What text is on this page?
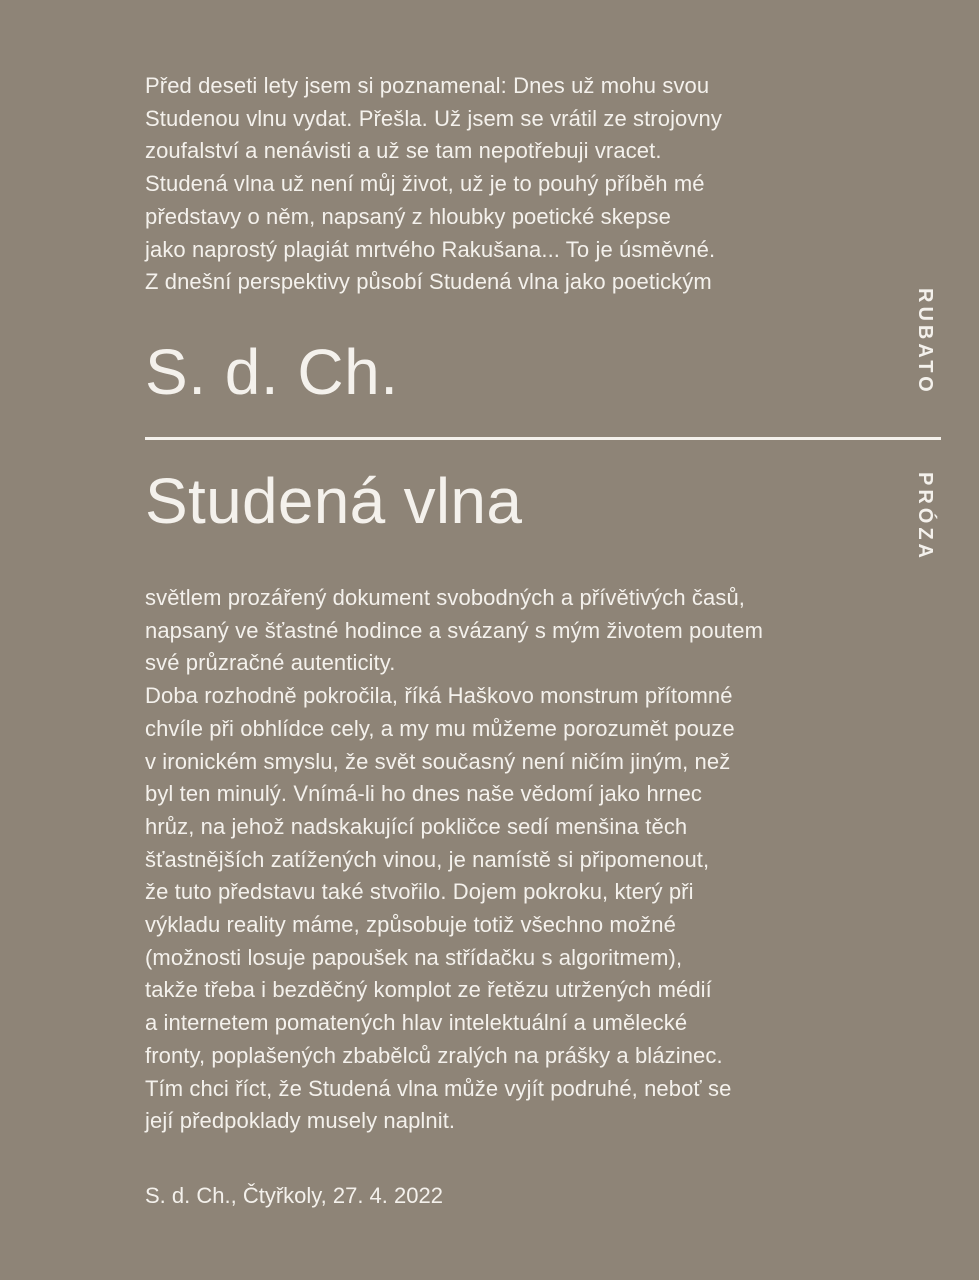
Před deseti lety jsem si poznamenal: Dnes už mohu svou
Studenou vlnu vydat. Přešla. Už jsem se vrátil ze strojovny
zoufalství a nenávisti a už se tam nepotřebuji vracet.
Studená vlna už není můj život, už je to pouhý příběh mé
představy o něm, napsaný z hloubky poetické skepse
jako naprostý plagiát mrtvého Rakušana... To je úsměvné.
Z dnešní perspektivy působí Studená vlna jako poetickým

S. d. Ch.
Studená vlna
RUBATO
PRÓZA

světlem prozářený dokument svobodných a přívětivých časů,
napsaný ve šťastné hodince a svázaný s mým životem poutem
své průzračné autenticity.
Doba rozhodně pokročila, říká Haškovo monstrum přítomné
chvíle při obhlídce cely, a my mu můžeme porozumět pouze
v ironickém smyslu, že svět současný není ničím jiným, než
byl ten minulý. Vnímá-li ho dnes naše vědomí jako hrnec
hrůz, na jehož nadskakující pokličce sedí menšina těch
šťastnějších zatížených vinou, je namístě si připomenout,
že tuto představu také stvořilo. Dojem pokroku, který při
výkladu reality máme, způsobuje totiž všechno možné
(možnosti losuje papoušek na střídačku s algoritmem),
takže třeba i bezděčný komplot ze řetězu utržených médií
a internetem pomatených hlav intelektuální a umělecké
fronty, poplašených zbabělců zralých na prášky a blázinec.
Tím chci říct, že Studená vlna může vyjít podruhé, neboť se
její předpoklady musely naplnit.

S. d. Ch., Čtyřkoly, 27. 4. 2022
